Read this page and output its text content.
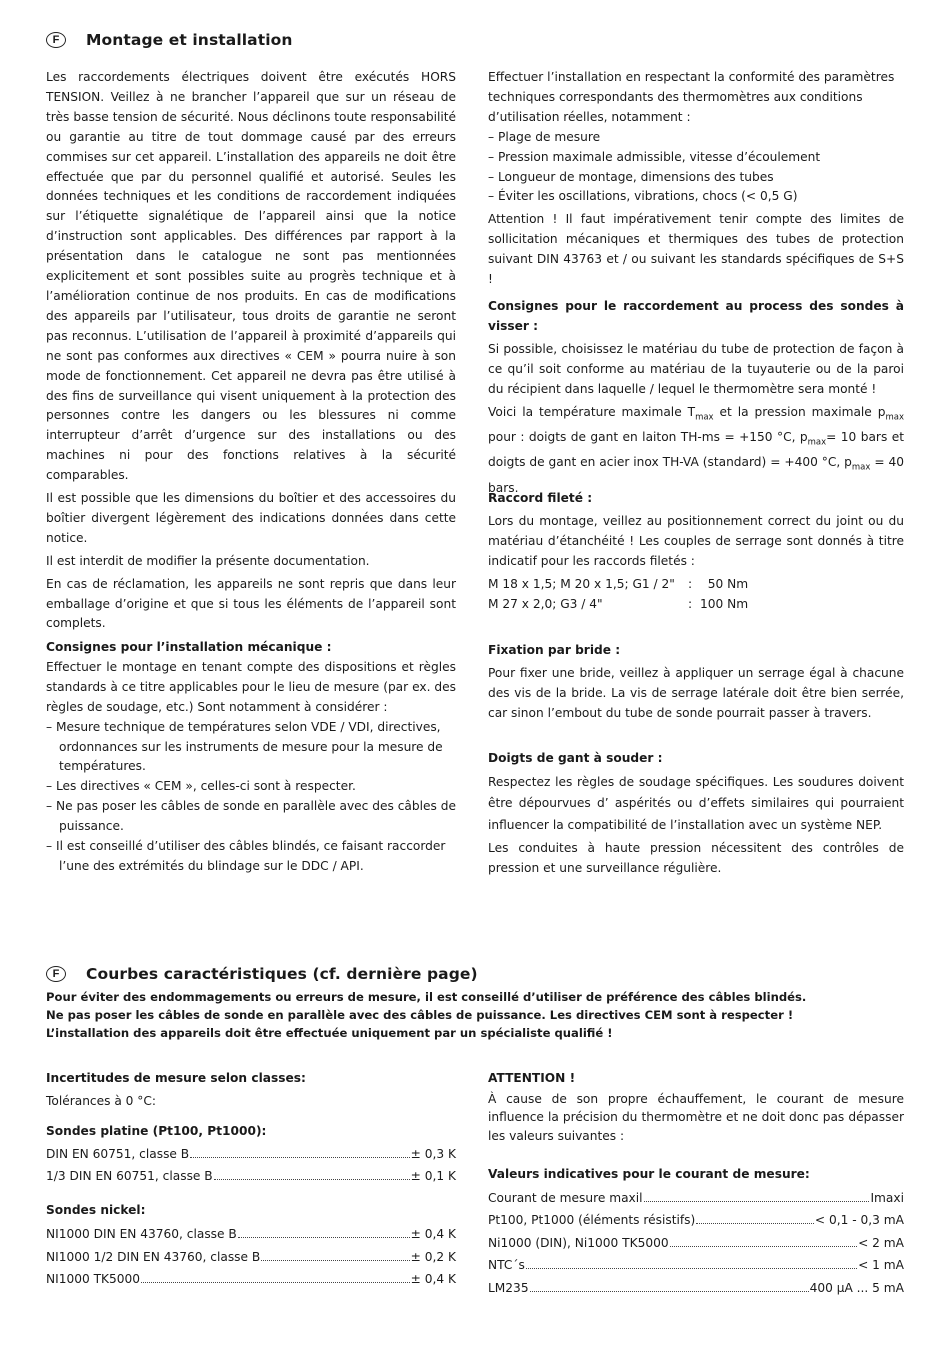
F	Montage et installation

Les raccordements électriques doivent être exécutés HORS TENSION. Veillez à ne brancher l’appareil que sur un réseau de très basse tension de sécurité. Nous déclinons toute responsabilité ou garantie au titre de tout dommage causé par des erreurs commises sur cet appareil. L’installation des appareils ne doit être effectuée que par du personnel qualifié et autorisé. Seules les données techniques et les conditions de raccordement indiquées sur l’étiquette signalétique de l’appareil ainsi que la notice d’instruction sont applicables. Des différences par rapport à la présentation dans le catalogue ne sont pas mentionnées explicitement et sont possibles suite au progrès technique et à l’amélioration continue de nos produits. En cas de modifications des appareils par l’utilisateur, tous droits de garantie ne seront pas reconnus. L’utilisation de l’appareil à proximité d’appareils qui ne sont pas conformes aux directives « CEM » pourra nuire à son mode de fonctionnement. Cet appareil ne devra pas être utilisé à des fins de surveillance qui visent uniquement à la protection des personnes contre les dangers ou les blessures ni comme interrupteur d’arrêt d’urgence sur des installations ou des machines ni pour des fonctions relatives à la sécurité comparables.

Il est possible que les dimensions du boîtier et des accessoires du boîtier divergent légèrement des indications données dans cette notice.

Il est interdit de modifier la présente documentation.

En cas de réclamation, les appareils ne sont repris que dans leur emballage d’origine et que si tous les éléments de l’appareil sont complets.

Consignes pour l’installation mécanique :

Effectuer le montage en tenant compte des dispositions et règles standards à ce titre applicables pour le lieu de mesure (par ex. des règles de soudage, etc.) Sont notamment à considérer :

– Mesure technique de températures selon VDE / VDI, directives, ordonnances sur les instruments de mesure pour la mesure de températures.
– Les directives « CEM », celles-ci sont à respecter.
– Ne pas poser les câbles de sonde en parallèle avec des câbles de puissance.
– Il est conseillé d’utiliser des câbles blindés, ce faisant raccorder l’une des extrémités du blindage sur le DDC / API.

Effectuer l’installation en respectant la conformité des paramètres techniques correspondants des thermomètres aux conditions d’utilisation réelles, notamment :

– Plage de mesure
– Pression maximale admissible, vitesse d’écoulement
– Longueur de montage, dimensions des tubes
– Éviter les oscillations, vibrations, chocs (< 0,5 G)

Attention ! Il faut impérativement tenir compte des limites de sollicitation mécaniques et thermiques des tubes de protection suivant DIN 43763 et / ou suivant les standards spécifiques de S+S !

Consignes pour le raccordement au process des sondes à visser :

Si possible, choisissez le matériau du tube de protection de façon à ce qu’il soit conforme au matériau de la tuyauterie ou de la paroi du récipient dans laquelle / lequel le thermomètre sera monté !

Voici la température maximale $T_{max}$ et la pression maximale $p_{max}$ pour : doigts de gant en laiton TH-ms = +150 °C, $p_{max}= 10$ bars et doigts de gant en acier inox TH-VA (standard) = +400 °C, $p_{max} = 40$ bars.

Raccord fileté :

Lors du montage, veillez au positionnement correct du joint ou du matériau d’étanchéité ! Les couples de serrage sont donnés à titre indicatif pour les raccords filetés :

M 18 x 1,5; M 20 x 1,5; G1 / 2"	: 50 Nm
M 27 x 2,0; G3 / 4"	: 100 Nm

Fixation par bride :

Pour fixer une bride, veillez à appliquer un serrage égal à chacune des vis de la bride. La vis de serrage latérale doit être bien serrée, car sinon l’embout du tube de sonde pourrait passer à travers.

Doigts de gant à souder :

Respectez les règles de soudage spécifiques. Les soudures doivent être dépourvues d’ aspérités ou d’effets similaires qui pourraient influencer la compatibilité de l’installation avec un système NEP.

Les conduites à haute pression nécessitent des contrôles de pression et une surveillance régulière.

F	Courbes caractéristiques (cf. dernière page)
Pour éviter des endommagements ou erreurs de mesure, il est conseillé d’utiliser de préférence des câbles blindés.
Ne pas poser les câbles de sonde en parallèle avec des câbles de puissance. Les directives CEM sont à respecter !
L’installation des appareils doit être effectuée uniquement par un spécialiste qualifié !

Incertitudes de mesure selon classes:

Tolérances à 0 °C:

Sondes platine (Pt100, Pt1000):

DIN EN 60751, classe B	± 0,3 K
1/3 DIN EN 60751, classe B	± 0,1 K

Sondes nickel:

NI1000 DIN EN 43760, classe B	± 0,4 K
NI1000 1/2 DIN EN 43760, classe B	± 0,2 K
NI1000 TK5000	± 0,4 K

ATTENTION !

À cause de son propre échauffement, le courant de mesure influence la précision du thermomètre et ne doit donc pas dépasser les valeurs suivantes :

Valeurs indicatives pour le courant de mesure:

Courant de mesure maxil	Imaxi
Pt100, Pt1000 (éléments résistifs)	< 0,1 - 0,3 mA
Ni1000 (DIN), Ni1000 TK5000	< 2 mA
NTC´s	< 1 mA
LM235	400 µA ... 5 mA
